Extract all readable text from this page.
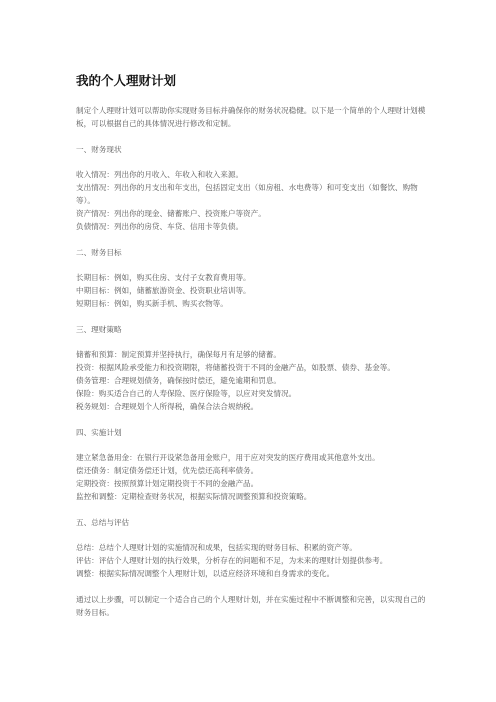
我的个人理财计划

制定个人理财计划可以帮助你实现财务目标并确保你的财务状况稳健。以下是一个简单的个人理财计划模板，可以根据自己的具体情况进行修改和定制。

一、财务现状

收入情况：列出你的月收入、年收入和收入来源。

支出情况：列出你的月支出和年支出，包括固定支出（如房租、水电费等）和可变支出（如餐饮、购物等）。

资产情况：列出你的现金、储蓄账户、投资账户等资产。

负债情况：列出你的房贷、车贷、信用卡等负债。

二、财务目标

长期目标：例如，购买住房、支付子女教育费用等。

中期目标：例如，储蓄旅游资金、投资职业培训等。

短期目标：例如，购买新手机、购买衣物等。

三、理财策略

储蓄和预算：制定预算并坚持执行，确保每月有足够的储蓄。

投资：根据风险承受能力和投资期限，将储蓄投资于不同的金融产品，如股票、债券、基金等。

债务管理：合理规划债务，确保按时偿还，避免逾期和罚息。

保险：购买适合自己的人寿保险、医疗保险等，以应对突发情况。

税务规划：合理规划个人所得税，确保合法合规纳税。

四、实施计划

建立紧急备用金：在银行开设紧急备用金账户，用于应对突发的医疗费用或其他意外支出。

偿还债务：制定债务偿还计划，优先偿还高利率债务。

定期投资：按照预算计划定期投资于不同的金融产品。

监控和调整：定期检查财务状况，根据实际情况调整预算和投资策略。

五、总结与评估

总结：总结个人理财计划的实施情况和成果，包括实现的财务目标、积累的资产等。

评估：评估个人理财计划的执行效果，分析存在的问题和不足，为未来的理财计划提供参考。

调整：根据实际情况调整个人理财计划，以适应经济环境和自身需求的变化。

通过以上步骤，可以制定一个适合自己的个人理财计划，并在实施过程中不断调整和完善，以实现自己的财务目标。
